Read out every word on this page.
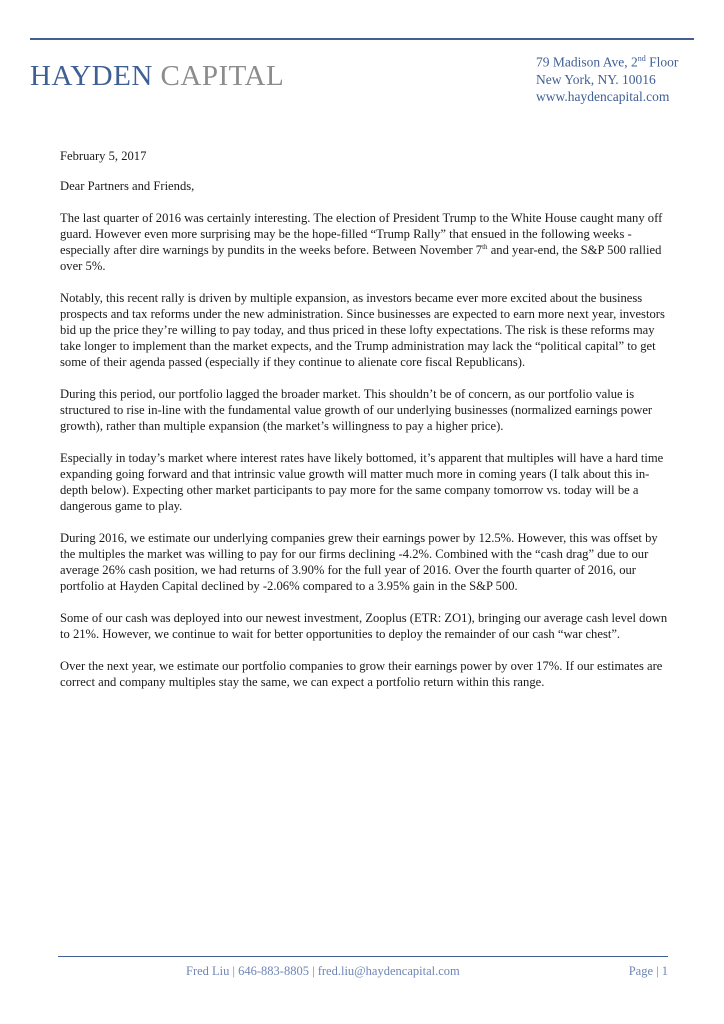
HAYDEN CAPITAL	79 Madison Ave, 2nd Floor
New York, NY. 10016
www.haydencapital.com

February 5, 2017

Dear Partners and Friends,

The last quarter of 2016 was certainly interesting. The election of President Trump to the White House caught many off guard. However even more surprising may be the hope-filled “Trump Rally” that ensued in the following weeks - especially after dire warnings by pundits in the weeks before. Between November 7th and year-end, the S&P 500 rallied over 5%.

Notably, this recent rally is driven by multiple expansion, as investors became ever more excited about the business prospects and tax reforms under the new administration. Since businesses are expected to earn more next year, investors bid up the price they’re willing to pay today, and thus priced in these lofty expectations. The risk is these reforms may take longer to implement than the market expects, and the Trump administration may lack the “political capital” to get some of their agenda passed (especially if they continue to alienate core fiscal Republicans).

During this period, our portfolio lagged the broader market. This shouldn’t be of concern, as our portfolio value is structured to rise in-line with the fundamental value growth of our underlying businesses (normalized earnings power growth), rather than multiple expansion (the market’s willingness to pay a higher price).

Especially in today’s market where interest rates have likely bottomed, it’s apparent that multiples will have a hard time expanding going forward and that intrinsic value growth will matter much more in coming years (I talk about this in-depth below). Expecting other market participants to pay more for the same company tomorrow vs. today will be a dangerous game to play.

During 2016, we estimate our underlying companies grew their earnings power by 12.5%. However, this was offset by the multiples the market was willing to pay for our firms declining -4.2%. Combined with the “cash drag” due to our average 26% cash position, we had returns of 3.90% for the full year of 2016. Over the fourth quarter of 2016, our portfolio at Hayden Capital declined by -2.06% compared to a 3.95% gain in the S&P 500.

Some of our cash was deployed into our newest investment, Zooplus (ETR: ZO1), bringing our average cash level down to 21%. However, we continue to wait for better opportunities to deploy the remainder of our cash “war chest”.

Over the next year, we estimate our portfolio companies to grow their earnings power by over 17%. If our estimates are correct and company multiples stay the same, we can expect a portfolio return within this range.

Fred Liu | 646-883-8805 | fred.liu@haydencapital.com	Page | 1
